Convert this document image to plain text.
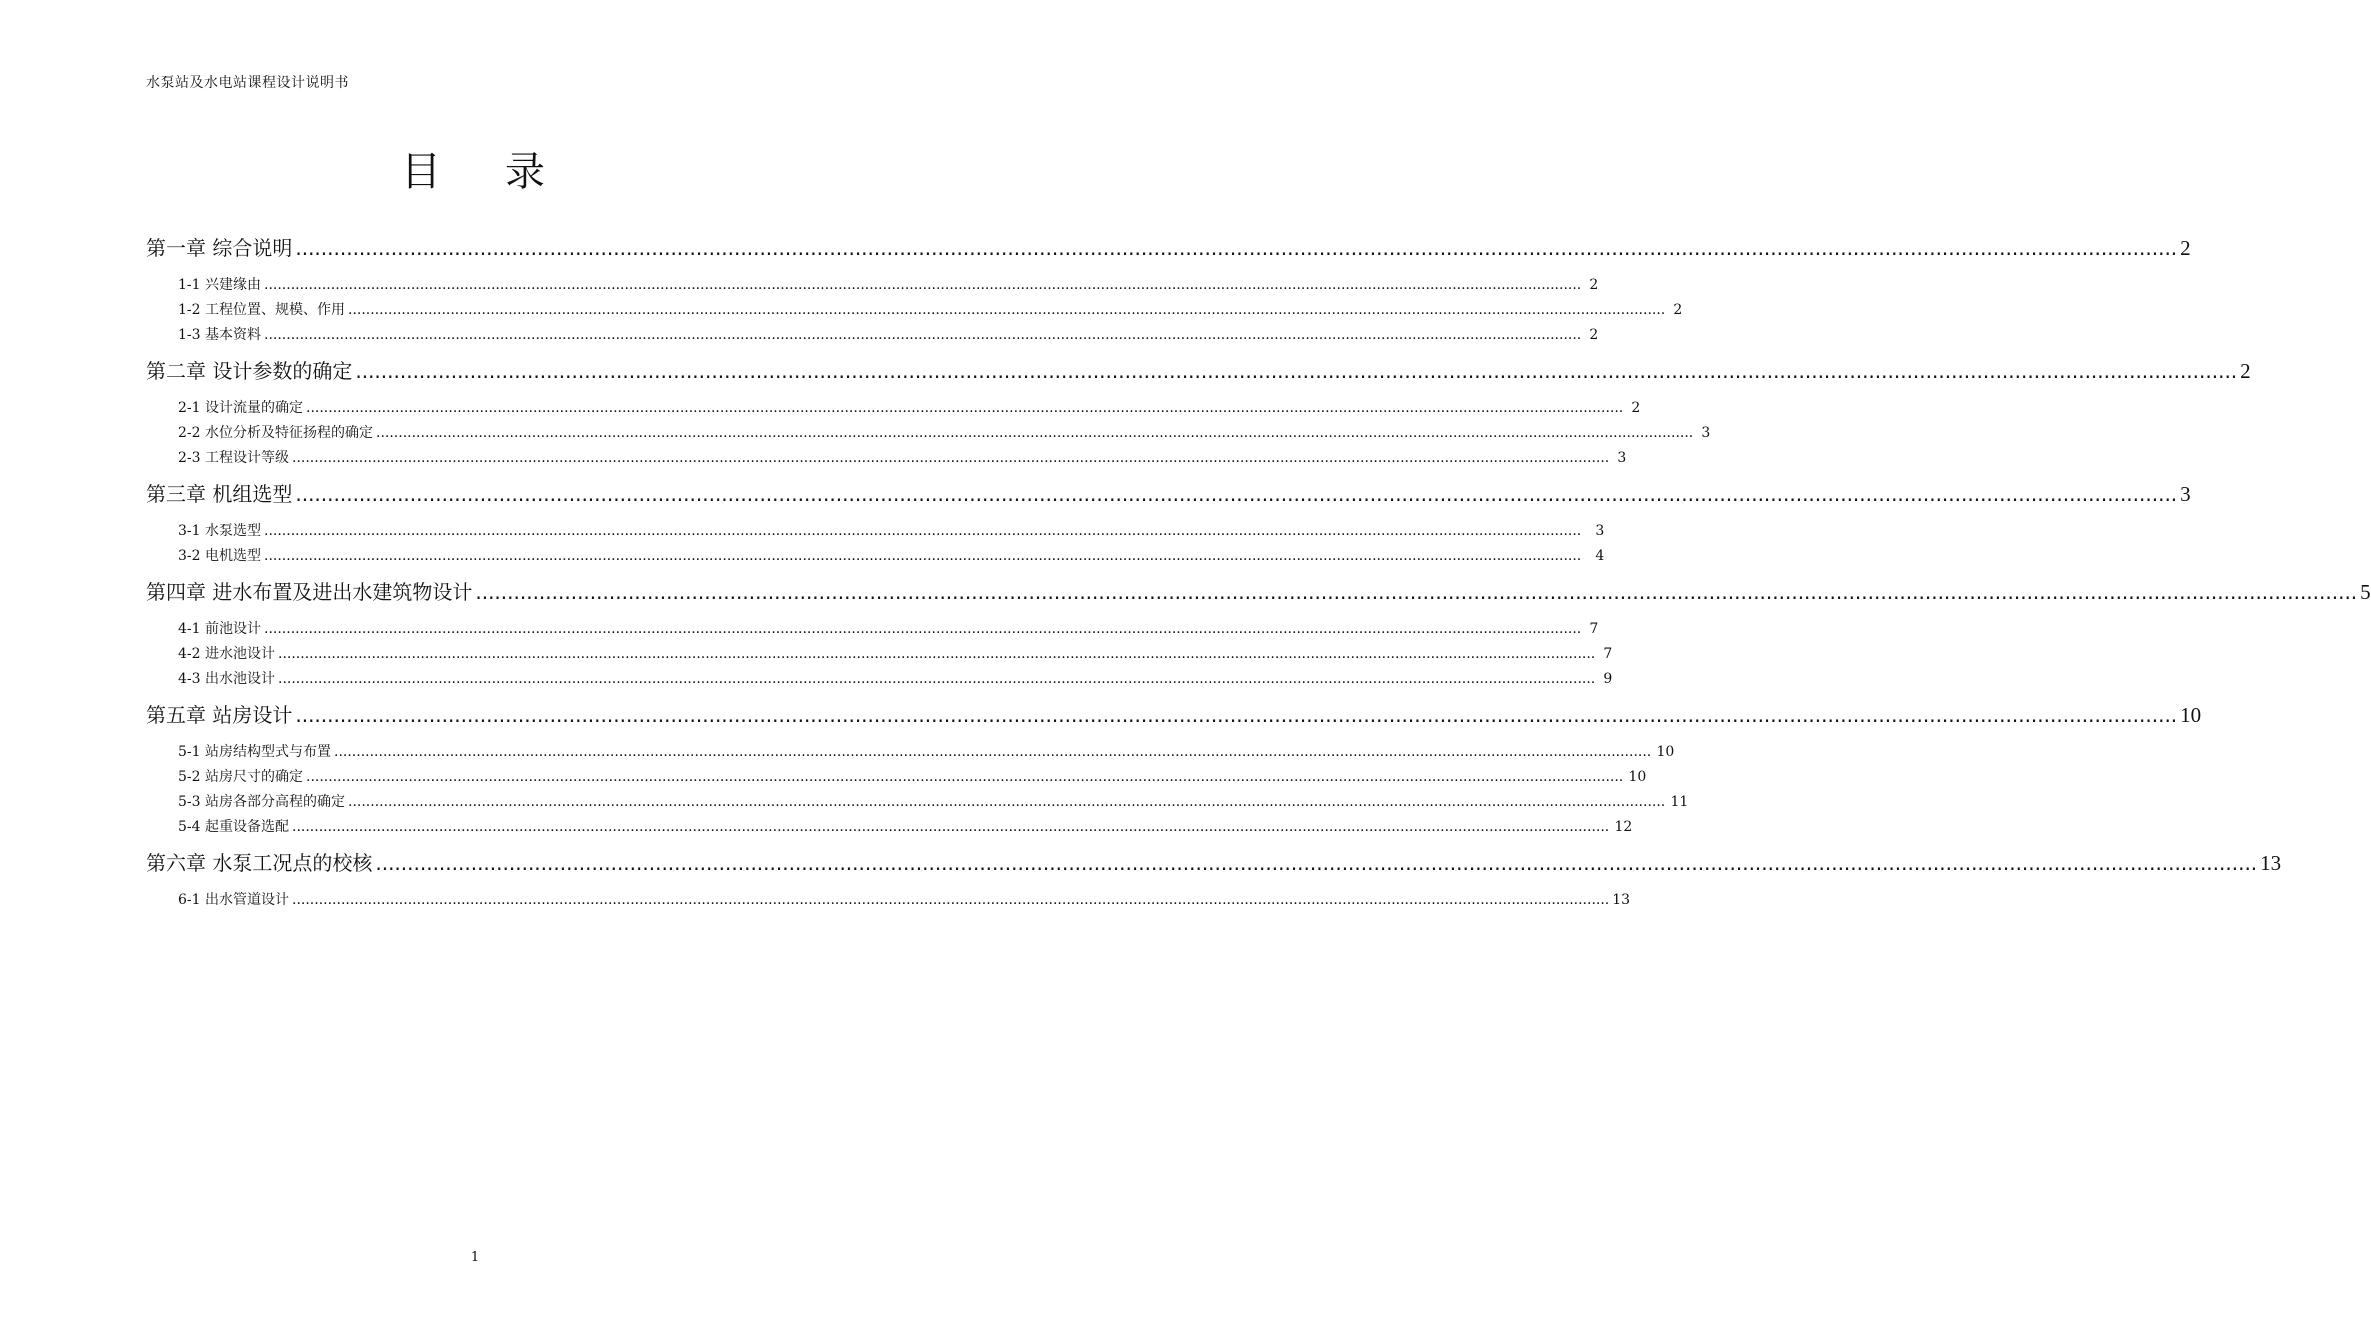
水泵站及水电站课程设计说明书
目 录
第一章 综合说明 .....	2
1-1 兴建缘由 .....	2
1-2 工程位置、规模、作用 .....	2
1-3 基本资料 .....	2
第二章 设计参数的确定 .....	2
2-1 设计流量的确定 .....	2
2-2 水位分析及特征扬程的确定 .....	3
2-3 工程设计等级 .....	3
第三章 机组选型 .....	3
3-1 水泵选型 .....	3
3-2 电机选型 .....	4
第四章 进水布置及进出水建筑物设计 .....	5
4-1 前池设计 .....	7
4-2 进水池设计 .....	7
4-3 出水池设计 .....	9
第五章 站房设计 .....	10
5-1 站房结构型式与布置 .....	10
5-2 站房尺寸的确定 .....	10
5-3 站房各部分高程的确定 .....	11
5-4 起重设备选配 .....	12
第六章 水泵工况点的校核 .....	13
6-1 出水管道设计 .....	13
1
